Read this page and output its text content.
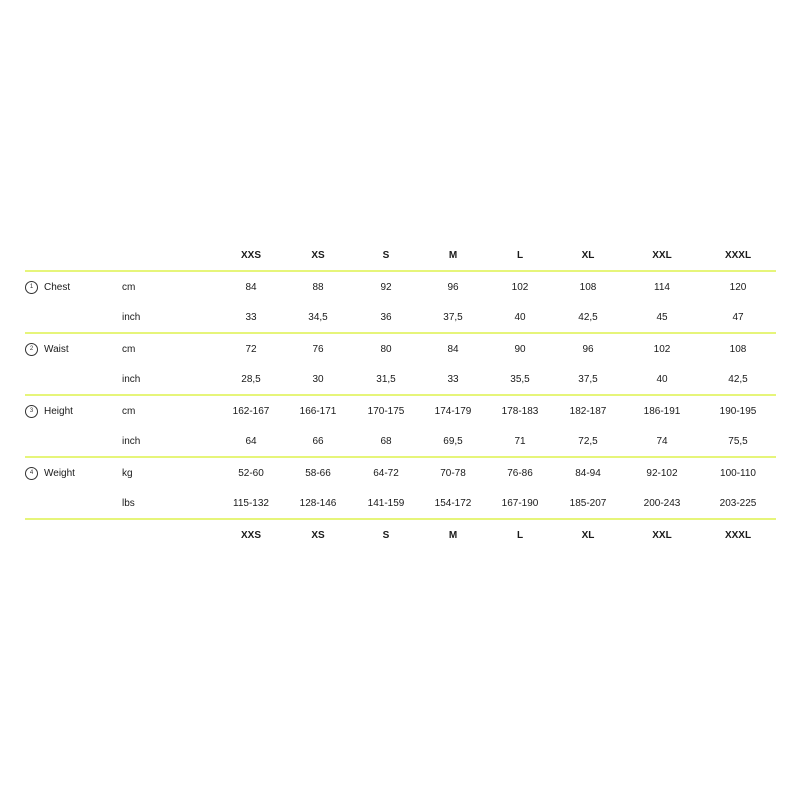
XXS	XS	S	M	L	XL	XXL	XXXL
1	Chest	cm	84	88	92	96	102	108	114	120
inch	33	34,5	36	37,5	40	42,5	45	47
2	Waist	cm	72	76	80	84	90	96	102	108
inch	28,5	30	31,5	33	35,5	37,5	40	42,5
3	Height	cm	162-167	166-171	170-175	174-179	178-183	182-187	186-191	190-195
inch	64	66	68	69,5	71	72,5	74	75,5
4	Weight	kg	52-60	58-66	64-72	70-78	76-86	84-94	92-102	100-110
lbs	115-132	128-146	141-159	154-172	167-190	185-207	200-243	203-225
XXS	XS	S	M	L	XL	XXL	XXXL
